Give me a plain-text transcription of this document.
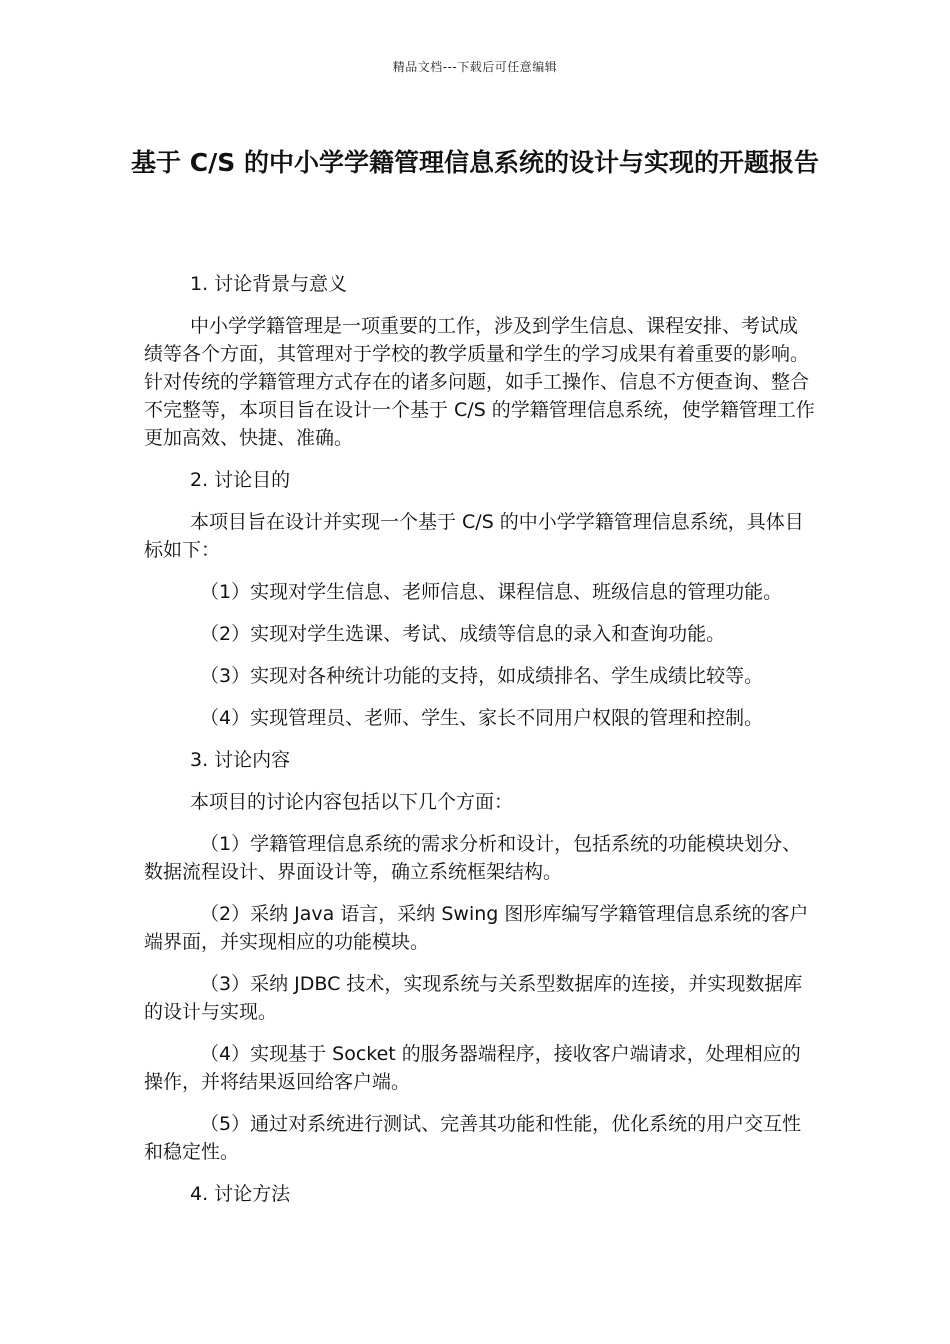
精品文档---下载后可任意编辑
基于 C/S 的中小学学籍管理信息系统的设计与实现的开题报告

1. 讨论背景与意义

中小学学籍管理是一项重要的工作，涉及到学生信息、课程安排、考试成绩等各个方面，其管理对于学校的教学质量和学生的学习成果有着重要的影响。针对传统的学籍管理方式存在的诸多问题，如手工操作、信息不方便查询、整合不完整等，本项目旨在设计一个基于 C/S 的学籍管理信息系统，使学籍管理工作更加高效、快捷、准确。

2. 讨论目的

本项目旨在设计并实现一个基于 C/S 的中小学学籍管理信息系统，具体目标如下：

（1）实现对学生信息、老师信息、课程信息、班级信息的管理功能。

（2）实现对学生选课、考试、成绩等信息的录入和查询功能。

（3）实现对各种统计功能的支持，如成绩排名、学生成绩比较等。

（4）实现管理员、老师、学生、家长不同用户权限的管理和控制。

3. 讨论内容

本项目的讨论内容包括以下几个方面：

（1）学籍管理信息系统的需求分析和设计，包括系统的功能模块划分、数据流程设计、界面设计等，确立系统框架结构。

（2）采纳 Java 语言，采纳 Swing 图形库编写学籍管理信息系统的客户端界面，并实现相应的功能模块。

（3）采纳 JDBC 技术，实现系统与关系型数据库的连接，并实现数据库的设计与实现。

（4）实现基于 Socket 的服务器端程序，接收客户端请求，处理相应的操作，并将结果返回给客户端。

（5）通过对系统进行测试、完善其功能和性能，优化系统的用户交互性和稳定性。

4. 讨论方法
